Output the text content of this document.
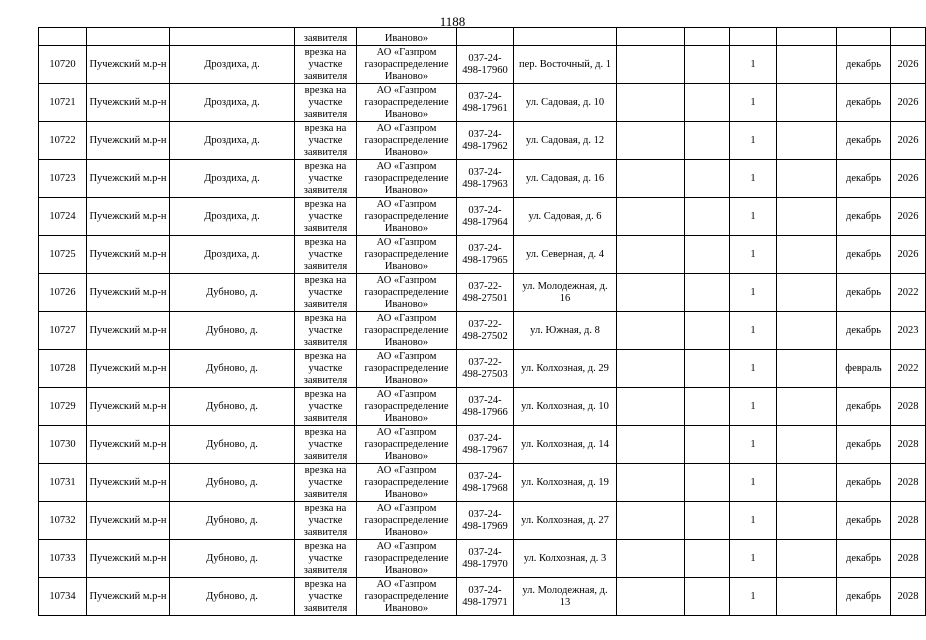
1188
			заявителя	Иваново»								
10720	Пучежский м.р-н	Дроздиха, д.	врезка на участке заявителя	АО «Газпром газораспределение Иваново»	037-24-498-17960	пер. Восточный, д. 1			1		декабрь	2026
10721	Пучежский м.р-н	Дроздиха, д.	врезка на участке заявителя	АО «Газпром газораспределение Иваново»	037-24-498-17961	ул. Садовая, д. 10			1		декабрь	2026
10722	Пучежский м.р-н	Дроздиха, д.	врезка на участке заявителя	АО «Газпром газораспределение Иваново»	037-24-498-17962	ул. Садовая, д. 12			1		декабрь	2026
10723	Пучежский м.р-н	Дроздиха, д.	врезка на участке заявителя	АО «Газпром газораспределение Иваново»	037-24-498-17963	ул. Садовая, д. 16			1		декабрь	2026
10724	Пучежский м.р-н	Дроздиха, д.	врезка на участке заявителя	АО «Газпром газораспределение Иваново»	037-24-498-17964	ул. Садовая, д. 6			1		декабрь	2026
10725	Пучежский м.р-н	Дроздиха, д.	врезка на участке заявителя	АО «Газпром газораспределение Иваново»	037-24-498-17965	ул. Северная, д. 4			1		декабрь	2026
10726	Пучежский м.р-н	Дубново, д.	врезка на участке заявителя	АО «Газпром газораспределение Иваново»	037-22-498-27501	ул. Молодежная, д. 16			1		декабрь	2022
10727	Пучежский м.р-н	Дубново, д.	врезка на участке заявителя	АО «Газпром газораспределение Иваново»	037-22-498-27502	ул. Южная, д. 8			1		декабрь	2023
10728	Пучежский м.р-н	Дубново, д.	врезка на участке заявителя	АО «Газпром газораспределение Иваново»	037-22-498-27503	ул. Колхозная, д. 29			1		февраль	2022
10729	Пучежский м.р-н	Дубново, д.	врезка на участке заявителя	АО «Газпром газораспределение Иваново»	037-24-498-17966	ул. Колхозная, д. 10			1		декабрь	2028
10730	Пучежский м.р-н	Дубново, д.	врезка на участке заявителя	АО «Газпром газораспределение Иваново»	037-24-498-17967	ул. Колхозная, д. 14			1		декабрь	2028
10731	Пучежский м.р-н	Дубново, д.	врезка на участке заявителя	АО «Газпром газораспределение Иваново»	037-24-498-17968	ул. Колхозная, д. 19			1		декабрь	2028
10732	Пучежский м.р-н	Дубново, д.	врезка на участке заявителя	АО «Газпром газораспределение Иваново»	037-24-498-17969	ул. Колхозная, д. 27			1		декабрь	2028
10733	Пучежский м.р-н	Дубново, д.	врезка на участке заявителя	АО «Газпром газораспределение Иваново»	037-24-498-17970	ул. Колхозная, д. 3			1		декабрь	2028
10734	Пучежский м.р-н	Дубново, д.	врезка на участке заявителя	АО «Газпром газораспределение Иваново»	037-24-498-17971	ул. Молодежная, д. 13			1		декабрь	2028
